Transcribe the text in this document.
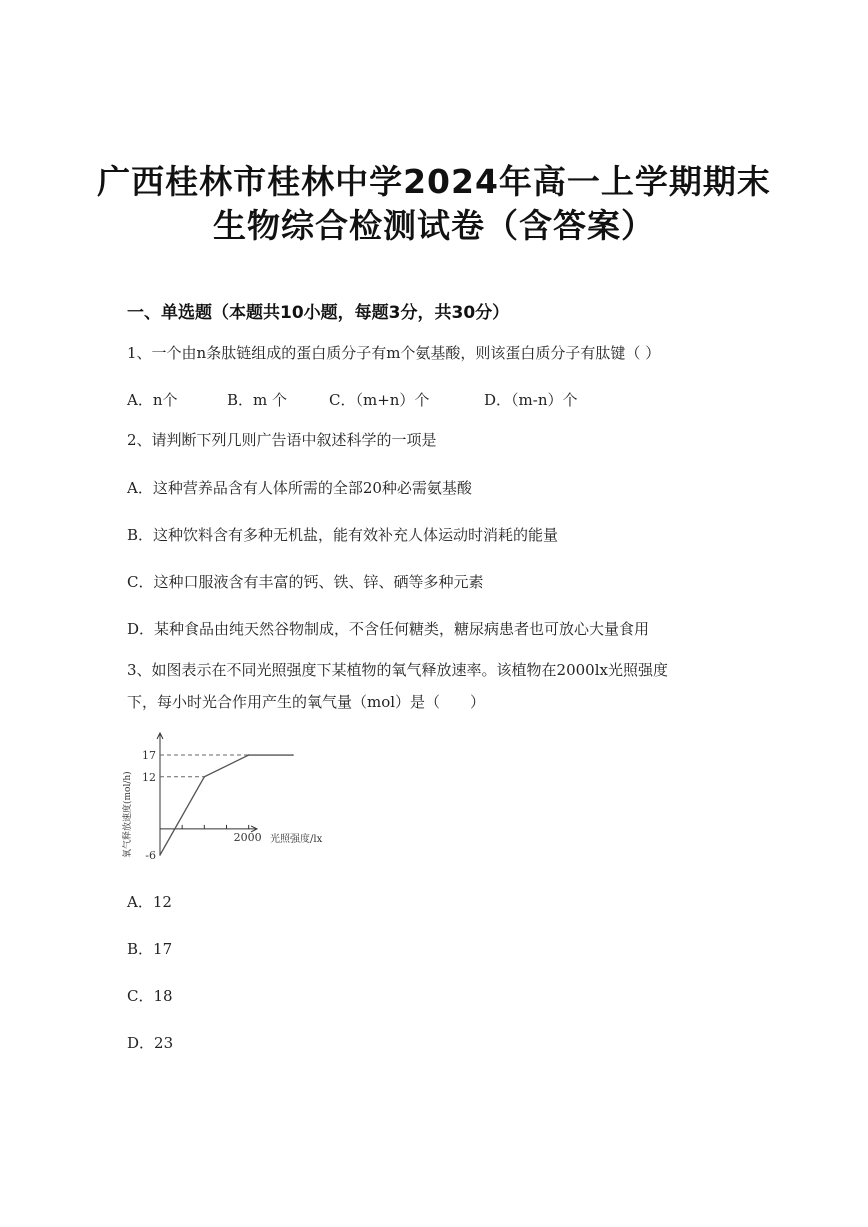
广西桂林市桂林中学2024年高一上学期期末
生物综合检测试卷（含答案）
一、单选题（本题共10小题，每题3分，共30分）
1、一个由n条肽链组成的蛋白质分子有m个氨基酸，则该蛋白质分子有肽键（ ）
A．n个	B．m 个	C．（m+n）个	D．（m-n）个
2、请判断下列几则广告语中叙述科学的一项是
A．这种营养品含有人体所需的全部20种必需氨基酸
B．这种饮料含有多种无机盐，能有效补充人体运动时消耗的能量
C．这种口服液含有丰富的钙、铁、锌、硒等多种元素
D．某种食品由纯天然谷物制成，不含任何糖类，糖尿病患者也可放心大量食用
3、如图表示在不同光照强度下某植物的氧气释放速率。该植物在2000lx光照强度
下，每小时光合作用产生的氧气量（mol）是（　　）
17
12
-6
2000 光照强度/lx
氧气释放速度(mol/h)
A．12
B．17
C．18
D．23
